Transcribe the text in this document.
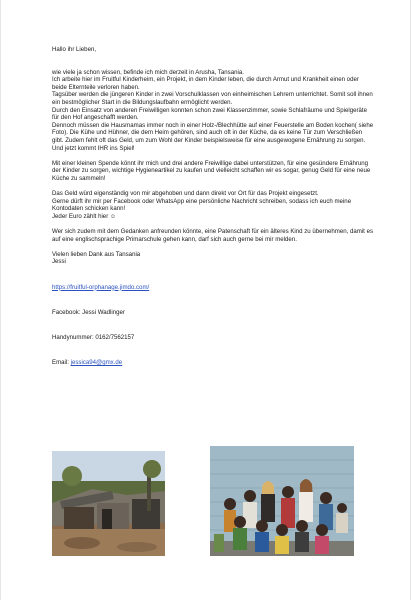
Hallo ihr Lieben,

wie viele ja schon wissen, befinde ich mich derzeit in Arusha, Tansania.

Ich arbeite hier im Fruitful Kinderheim, ein Projekt, in dem Kinder leben, die durch Armut und Krankheit einen oder beide Elternteile verloren haben.

Tagsüber werden die jüngeren Kinder in zwei Vorschulklassen von einheimischen Lehrern unterrichtet. Somit soll ihnen ein bestmöglicher Start in die Bildungslaufbahn ermöglicht werden.

Durch den Einsatz von anderen Freiwilligen konnten schon zwei Klassenzimmer, sowie Schlafräume und Spielgeräte für den Hof angeschafft werden.

Dennoch müssen die Hausmamas immer noch in einer Holz-/Blechhütte auf einer Feuerstelle am Boden kochen( siehe Foto). Die Kühe und Hühner, die dem Heim gehören, sind auch oft in der Küche, da es keine Tür zum Verschließen gibt. Zudem fehlt oft das Geld, um zum Wohl der Kinder beispielsweise für eine ausgewogene Ernährung zu sorgen. Und jetzt kommt IHR ins Spiel!

Mit einer kleinen Spende könnt ihr mich und drei andere Freiwillige dabei unterstützen, für eine gesündere Ernährung der Kinder zu sorgen, wichtige Hygieneartikel zu kaufen und vielleicht schaffen wir es sogar, genug Geld für eine neue Küche zu sammeln!

Das Geld würd eigenständig von mir abgehoben und dann direkt vor Ort für das Projekt eingesetzt.

Gerne dürft ihr mir per Facebook oder WhatsApp eine persönliche Nachricht schreiben, sodass ich euch meine Kontodaten schicken kann!

Jeder Euro zählt hier ☺

Wer sich zudem mit dem Gedanken anfreunden könnte, eine Patenschaft für ein älteres Kind zu übernehmen, damit es auf eine englischsprachige Primarschule gehen kann, darf sich auch gerne bei mir melden.

Vielen lieben Dank aus Tansania

Jessi

https://fruitful-orphanage.jimdo.com/

Facebook: Jessi Wadlinger

Handynummer: 0162/7562157

Email: jessica94@gmx.de
